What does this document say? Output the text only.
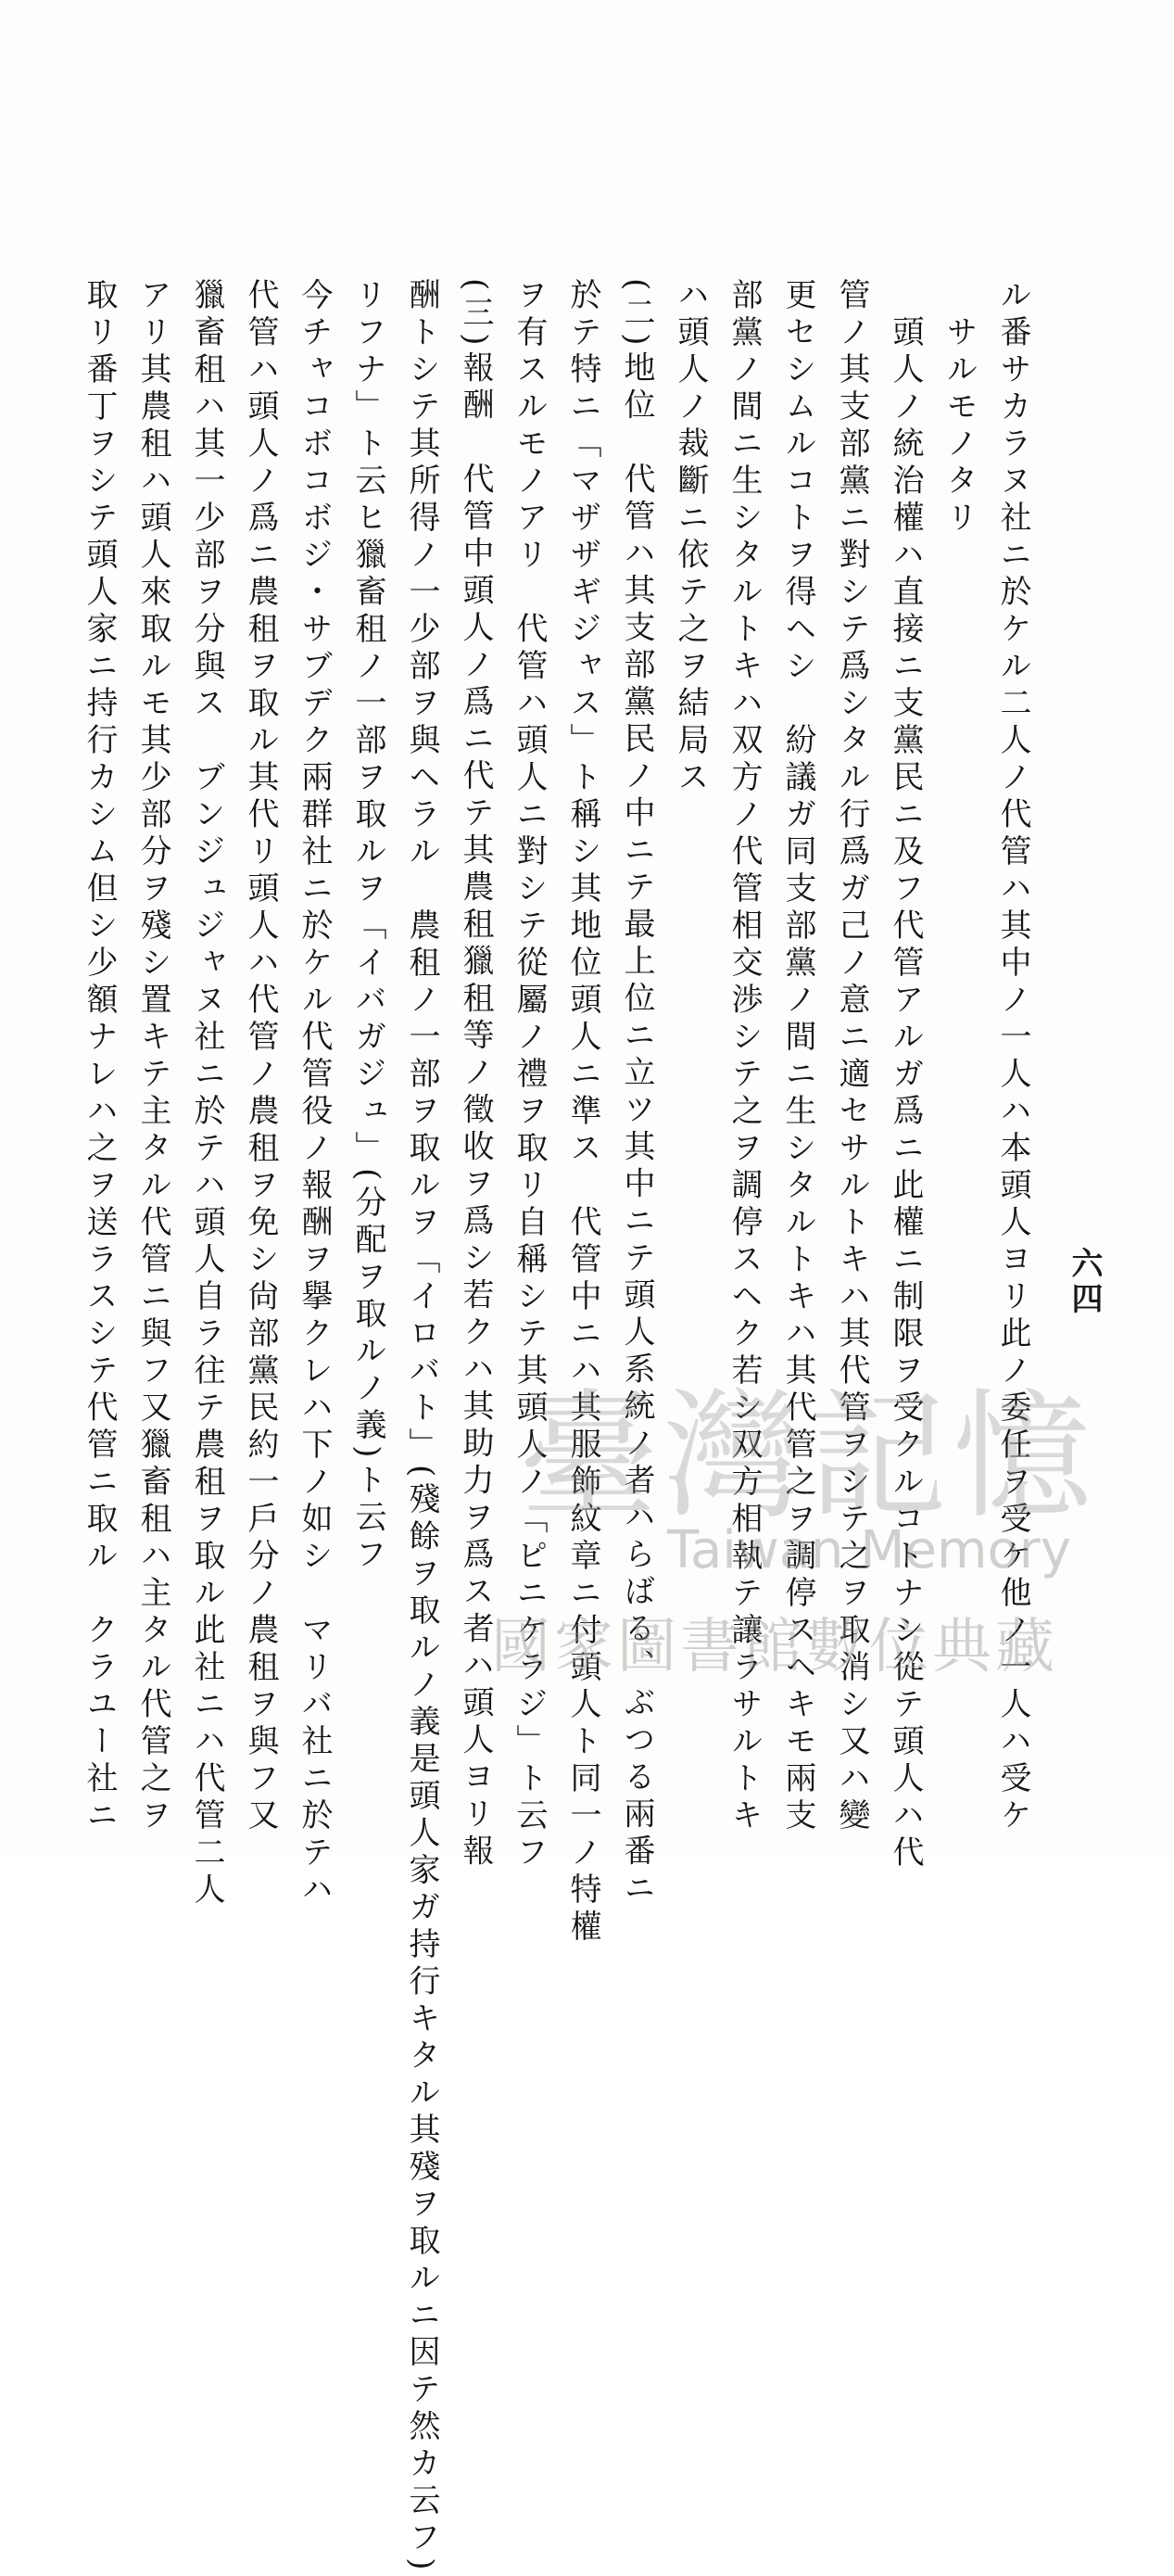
六四
ル番サカラヌ社ニ於ケル二人ノ代管ハ其中ノ一人ハ本頭人ヨリ此ノ委任ヲ受ケ他ノ一人ハ受ケ
サルモノタリ
頭人ノ統治權ハ直接ニ支黨民ニ及フ代管アルガ爲ニ此權ニ制限ヲ受クルコトナシ從テ頭人ハ代
管ノ其支部黨ニ對シテ爲シタル行爲ガ己ノ意ニ適セサルトキハ其代管ヲシテ之ヲ取消シ又ハ變
更セシムルコトヲ得ヘシ　紛議ガ同支部黨ノ間ニ生シタルトキハ其代管之ヲ調停スヘキモ兩支
部黨ノ間ニ生シタルトキハ双方ノ代管相交渉シテ之ヲ調停スヘク若シ双方相執テ讓ラサルトキ
ハ頭人ノ裁斷ニ依テ之ヲ結局ス
(二)地位　代管ハ其支部黨民ノ中ニテ最上位ニ立ツ其中ニテ頭人系統ノ者ハらばる、ぶつる兩番ニ
於テ特ニ「マザザギジャス」ト稱シ其地位頭人ニ準ス　代管中ニハ其服飾紋章ニ付頭人ト同一ノ特權
ヲ有スルモノアリ　代管ハ頭人ニ對シテ從屬ノ禮ヲ取リ自稱シテ其頭人ノ「ピニケラジ」ト云フ
(三)報酬　代管中頭人ノ爲ニ代テ其農租獵租等ノ徵收ヲ爲シ若クハ其助力ヲ爲ス者ハ頭人ヨリ報
酬トシテ其所得ノ一少部ヲ與ヘラル　農租ノ一部ヲ取ルヲ「イロバト」(殘餘ヲ取ルノ義是頭人家ガ持行キタル其殘ヲ取ルニ因テ然カ云フ)
リフナ」ト云ヒ獵畜租ノ一部ヲ取ルヲ「イバガジュ」(分配ヲ取ルノ義)ト云フ
今チャコボコボジ・サブデク兩群社ニ於ケル代管役ノ報酬ヲ擧クレハ下ノ如シ　マリバ社ニ於テハ
代管ハ頭人ノ爲ニ農租ヲ取ル其代リ頭人ハ代管ノ農租ヲ免シ尙部黨民約一戶分ノ農租ヲ與フ又
獵畜租ハ其一少部ヲ分與ス　ブンジュジャヌ社ニ於テハ頭人自ラ往テ農租ヲ取ル此社ニハ代管二人
アリ其農租ハ頭人來取ルモ其少部分ヲ殘シ置キテ主タル代管ニ與フ又獵畜租ハ主タル代管之ヲ
取リ番丁ヲシテ頭人家ニ持行カシム但シ少額ナレハ之ヲ送ラスシテ代管ニ取ル　クラユー社ニ	臺灣記憶
Taiwan Memory
國家圖書館數位典藏
